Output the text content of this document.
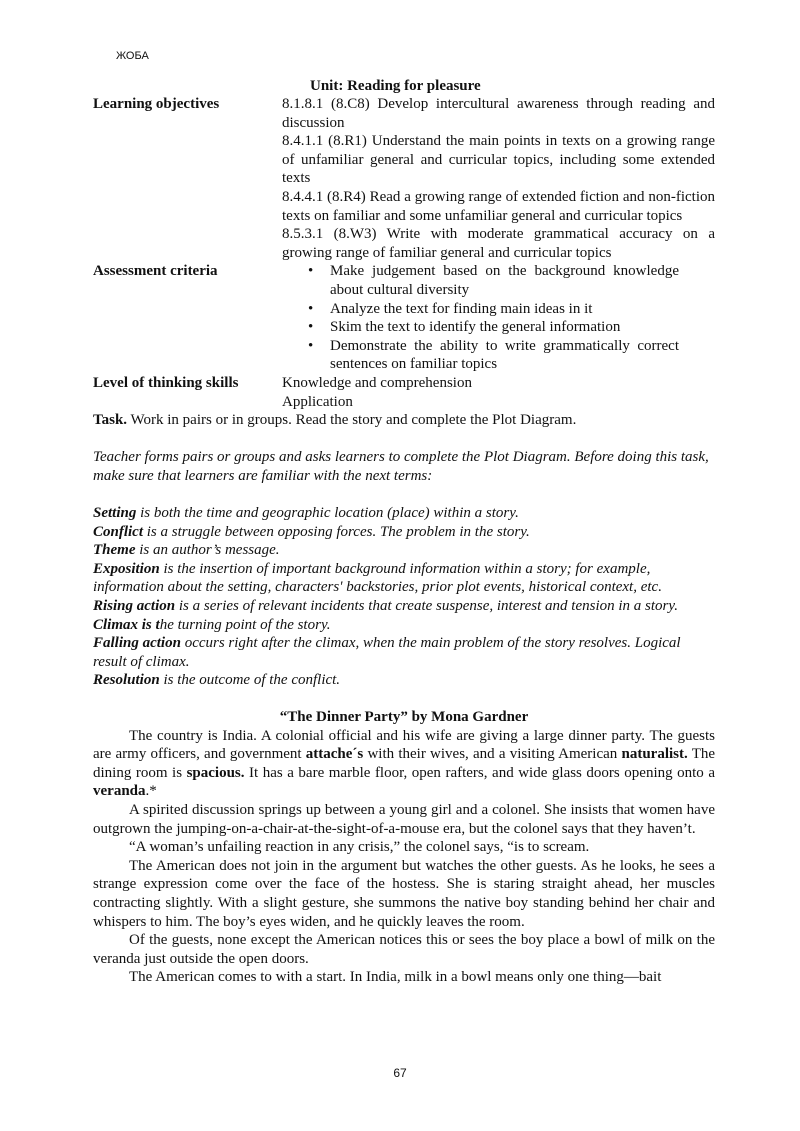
ЖОБА
Unit: Reading for pleasure
Learning objectives	8.1.8.1 (8.C8) Develop intercultural awareness through reading and discussion
8.4.1.1 (8.R1) Understand the main points in texts on a growing range of unfamiliar general and curricular topics, including some extended texts
8.4.4.1 (8.R4) Read a growing range of extended fiction and non-fiction texts on familiar and some unfamiliar general and curricular topics
8.5.3.1 (8.W3) Write with moderate grammatical accuracy on a growing range of familiar general and curricular topics
Assessment criteria
•	Make judgement based on the background knowledge about cultural diversity
• Analyze the text for finding main ideas in it
• Skim the text to identify the general information
• Demonstrate the ability to write grammatically correct sentences on familiar topics
Level of thinking skills	Knowledge and comprehension
Application

Task. Work in pairs or in groups. Read the story and complete the Plot Diagram.

Teacher forms pairs or groups and asks learners to complete the Plot Diagram. Before doing this task, make sure that learners are familiar with the next terms:

Setting is both the time and geographic location (place) within a story.

Conflict is a struggle between opposing forces. The problem in the story.

Theme is an author’s message.

Exposition is the insertion of important background information within a story; for example, information about the setting, characters' backstories, prior plot events, historical context, etc.

Rising action is a series of relevant incidents that create suspense, interest and tension in a story.

Climax is the turning point of the story.

Falling action occurs right after the climax, when the main problem of the story resolves. Logical result of climax.

Resolution is the outcome of the conflict.

“The Dinner Party” by Mona Gardner

The country is India. A colonial official and his wife are giving a large dinner party. The guests are army officers, and government attache´s with their wives, and a visiting American naturalist. The dining room is spacious. It has a bare marble floor, open rafters, and wide glass doors opening onto a veranda.*

A spirited discussion springs up between a young girl and a colonel. She insists that women have outgrown the jumping-on-a-chair-at-the-sight-of-a-mouse era, but the colonel says that they haven’t.

“A woman’s unfailing reaction in any crisis,” the colonel says, “is to scream.

The American does not join in the argument but watches the other guests. As he looks, he sees a strange expression come over the face of the hostess. She is staring straight ahead, her muscles contracting slightly. With a slight gesture, she summons the native boy standing behind her chair and whispers to him. The boy’s eyes widen, and he quickly leaves the room.

Of the guests, none except the American notices this or sees the boy place a bowl of milk on the veranda just outside the open doors.

The American comes to with a start. In India, milk in a bowl means only one thing—bait

67
